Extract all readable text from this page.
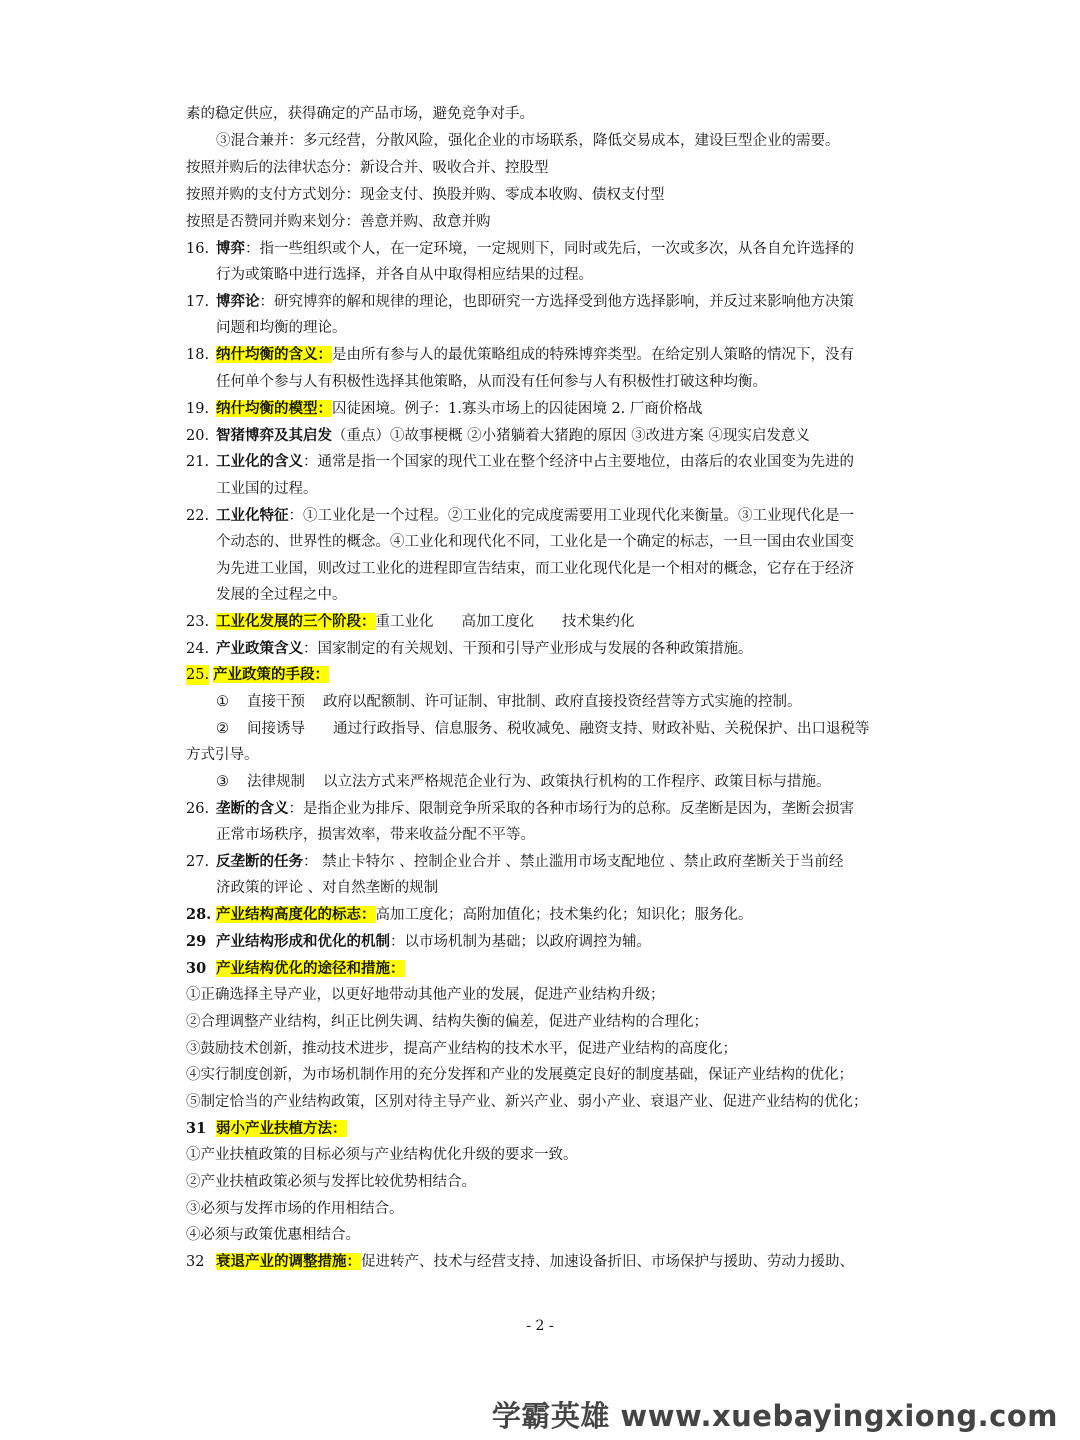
素的稳定供应，获得确定的产品市场，避免竞争对手。
③混合兼并：多元经营，分散风险，强化企业的市场联系，降低交易成本，建设巨型企业的需要。
按照并购后的法律状态分：新设合并、吸收合并、控股型
按照并购的支付方式划分：现金支付、换股并购、零成本收购、债权支付型
按照是否赞同并购来划分：善意并购、敌意并购
16. 博弈：指一些组织或个人，在一定环境，一定规则下，同时或先后，一次或多次，从各自允许选择的
行为或策略中进行选择，并各自从中取得相应结果的过程。
17. 博弈论：研究博弈的解和规律的理论，也即研究一方选择受到他方选择影响，并反过来影响他方决策
问题和均衡的理论。
18. 纳什均衡的含义：是由所有参与人的最优策略组成的特殊博弈类型。在给定别人策略的情况下，没有
任何单个参与人有积极性选择其他策略，从而没有任何参与人有积极性打破这种均衡。
19. 纳什均衡的模型：囚徒困境。例子：1.寡头市场上的囚徒困境 2. 厂商价格战
20. 智猪博弈及其启发（重点）①故事梗概 ②小猪躺着大猪跑的原因 ③改进方案 ④现实启发意义
21. 工业化的含义：通常是指一个国家的现代工业在整个经济中占主要地位，由落后的农业国变为先进的
工业国的过程。
22. 工业化特征：①工业化是一个过程。②工业化的完成度需要用工业现代化来衡量。③工业现代化是一
个动态的、世界性的概念。④工业化和现代化不同，工业化是一个确定的标志，一旦一国由农业国变
为先进工业国，则改过工业化的进程即宣告结束，而工业化现代化是一个相对的概念，它存在于经济
发展的全过程之中。
23. 工业化发展的三个阶段：重工业化 高加工度化 技术集约化
24. 产业政策含义：国家制定的有关规划、干预和引导产业形成与发展的各种政策措施。
25. 产业政策的手段：
① 直接干预 政府以配额制、许可证制、审批制、政府直接投资经营等方式实施的控制。
② 间接诱导 通过行政指导、信息服务、税收减免、融资支持、财政补贴、关税保护、出口退税等
方式引导。
③ 法律规制 以立法方式来严格规范企业行为、政策执行机构的工作程序、政策目标与措施。
26. 垄断的含义：是指企业为排斥、限制竞争所采取的各种市场行为的总称。反垄断是因为，垄断会损害
正常市场秩序，损害效率，带来收益分配不平等。
27. 反垄断的任务： 禁止卡特尔 、控制企业合并 、禁止滥用市场支配地位 、禁止政府垄断关于当前经
济政策的评论 、对自然垄断的规制
28. 产业结构高度化的标志：高加工度化；高附加值化；技术集约化；知识化；服务化。
29 产业结构形成和优化的机制：以市场机制为基础；以政府调控为辅。
30 产业结构优化的途径和措施：
①正确选择主导产业，以更好地带动其他产业的发展，促进产业结构升级；
②合理调整产业结构，纠正比例失调、结构失衡的偏差，促进产业结构的合理化；
③鼓励技术创新，推动技术进步，提高产业结构的技术水平，促进产业结构的高度化；
④实行制度创新，为市场机制作用的充分发挥和产业的发展奠定良好的制度基础，保证产业结构的优化；
⑤制定恰当的产业结构政策，区别对待主导产业、新兴产业、弱小产业、衰退产业、促进产业结构的优化；
31 弱小产业扶植方法：
①产业扶植政策的目标必须与产业结构优化升级的要求一致。
②产业扶植政策必须与发挥比较优势相结合。
③必须与发挥市场的作用相结合。
④必须与政策优惠相结合。
32 衰退产业的调整措施：促进转产、技术与经营支持、加速设备折旧、市场保护与援助、劳动力援助、
- 2 -
学霸英雄 www.xuebayingxiong.com
